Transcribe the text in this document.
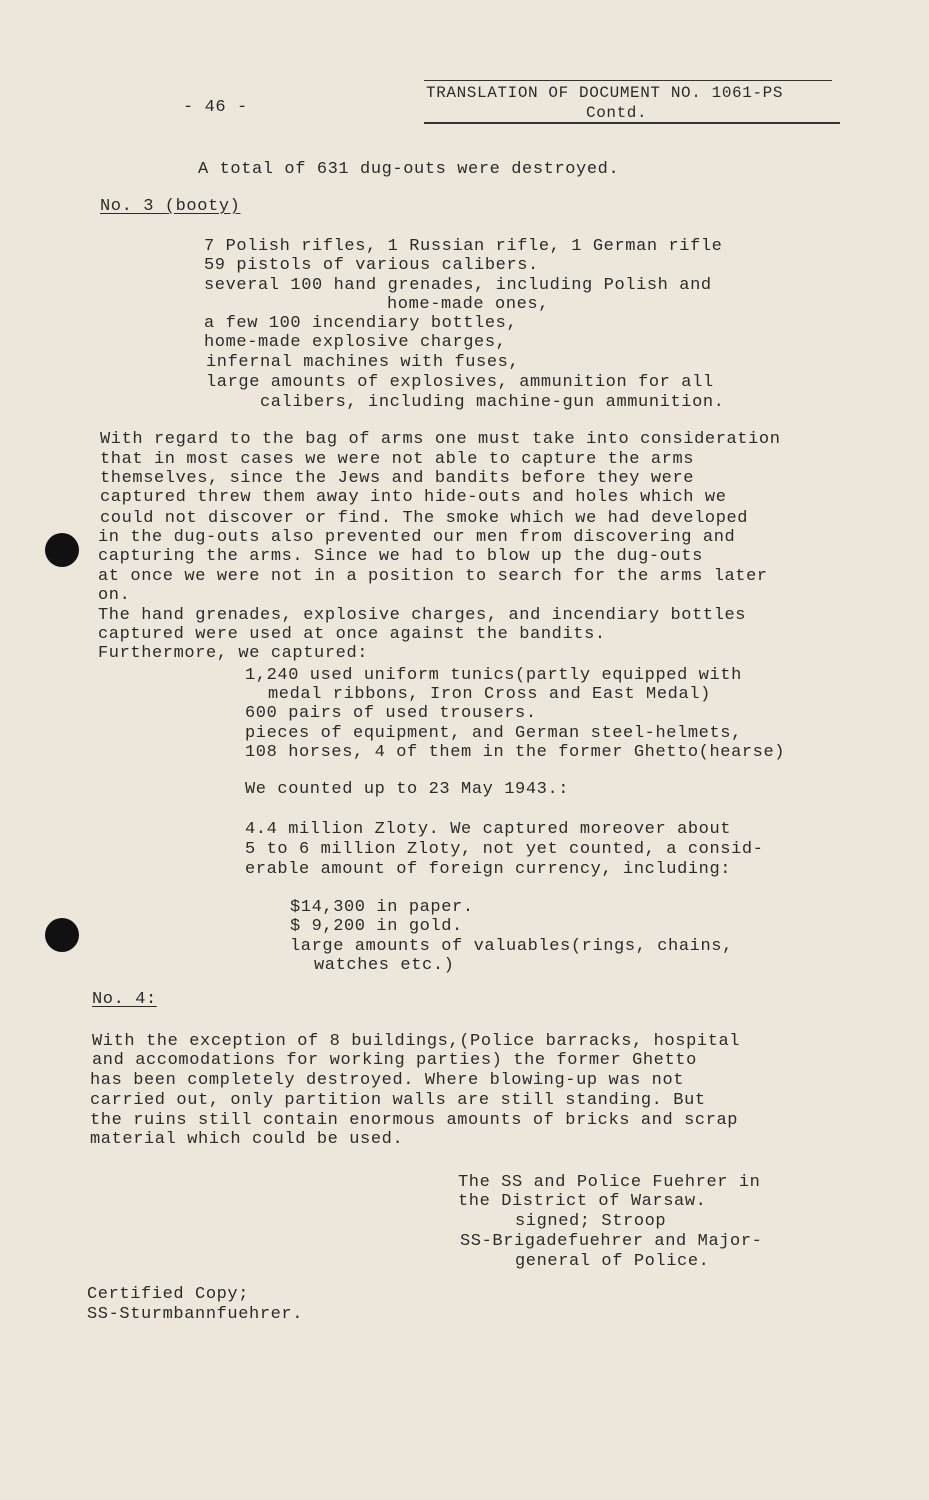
- 46 -
TRANSLATION OF DOCUMENT NO. 1061-PS
Contd.
A total of 631 dug-outs were destroyed.
No. 3 (booty)
7 Polish rifles, 1 Russian rifle, 1 German rifle
59 pistols of various calibers.
several 100 hand grenades, including Polish and
home-made ones,
a few 100 incendiary bottles,
home-made explosive charges,
infernal machines with fuses,
large amounts of explosives, ammunition for all
calibers, including machine-gun ammunition.
With regard to the bag of arms one must take into consideration
that in most cases we were not able to capture the arms
themselves, since the Jews and bandits before they were
captured threw them away into hide-outs and holes which we
could not discover or find. The smoke which we had developed
in the dug-outs also prevented our men from discovering and
capturing the arms. Since we had to blow up the dug-outs
at once we were not in a position to search for the arms later
on.
The hand grenades, explosive charges, and incendiary bottles
captured were used at once against the bandits.
Furthermore, we captured:
1,240 used uniform tunics(partly equipped with
medal ribbons, Iron Cross and East Medal)
600 pairs of used trousers.
pieces of equipment, and German steel-helmets,
108 horses, 4 of them in the former Ghetto(hearse)
We counted up to 23 May 1943.:
4.4 million Zloty. We captured moreover about
5 to 6 million Zloty, not yet counted, a consid-
erable amount of foreign currency, including:
$14,300 in paper.
$ 9,200 in gold.
large amounts of valuables(rings, chains,
watches etc.)
No. 4:
With the exception of 8 buildings,(Police barracks, hospital
and accomodations for working parties) the former Ghetto
has been completely destroyed. Where blowing-up was not
carried out, only partition walls are still standing. But
the ruins still contain enormous amounts of bricks and scrap
material which could be used.
The SS and Police Fuehrer in
the District of Warsaw.
signed; Stroop
SS-Brigadefuehrer and Major-
general of Police.
Certified Copy;
SS-Sturmbannfuehrer.
